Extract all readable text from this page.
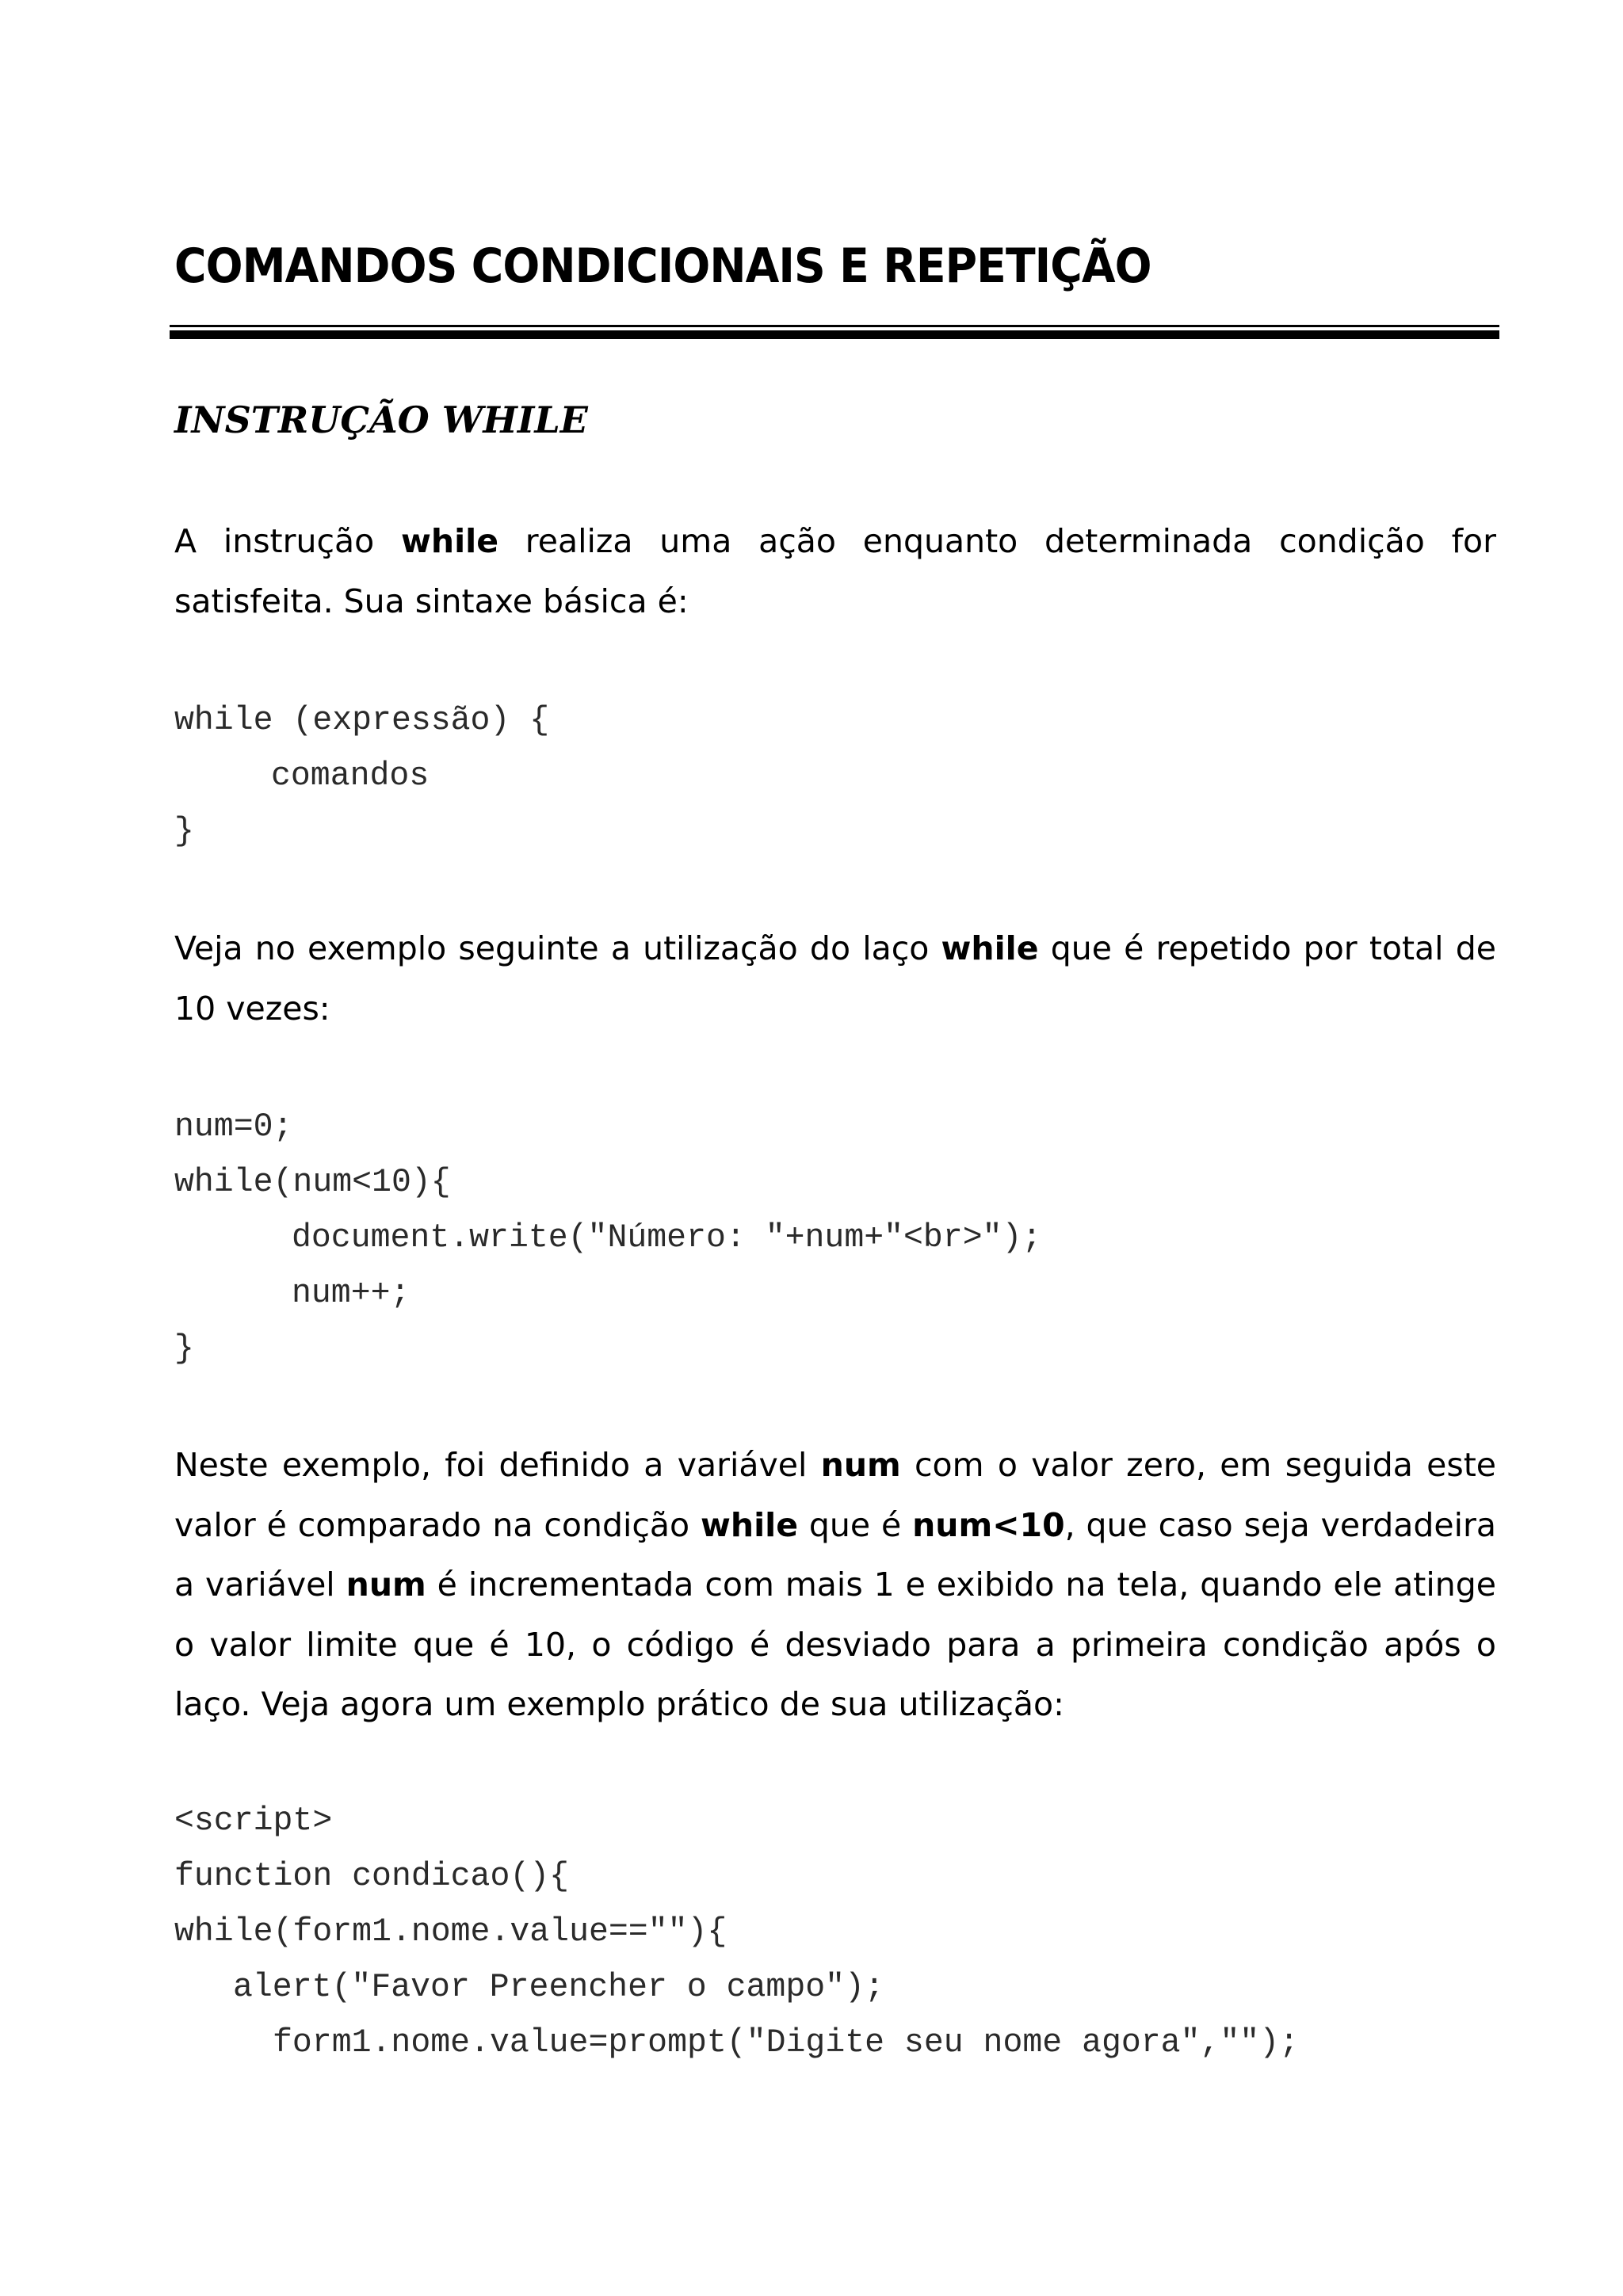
COMANDOS CONDICIONAIS E REPETIÇÃO
INSTRUÇÃO WHILE

A instrução while realiza uma ação enquanto determinada condição for satisfeita. Sua sintaxe básica é:

while (expressão) {
comandos
}

Veja no exemplo seguinte a utilização do laço while que é repetido por total de 10 vezes:

num=0;
while(num<10){
document.write("Número: "+num+"<br>");
num++;
}

Neste exemplo, foi definido a variável num com o valor zero, em seguida este valor é comparado na condição while que é num<10, que caso seja verdadeira a variável num é incrementada com mais 1 e exibido na tela, quando ele atinge o valor limite que é 10, o código é desviado para a primeira condição após o laço. Veja agora um exemplo prático de sua utilização:

<script>
function condicao(){
while(form1.nome.value==""){
alert("Favor Preencher o campo");
form1.nome.value=prompt("Digite seu nome agora","");
